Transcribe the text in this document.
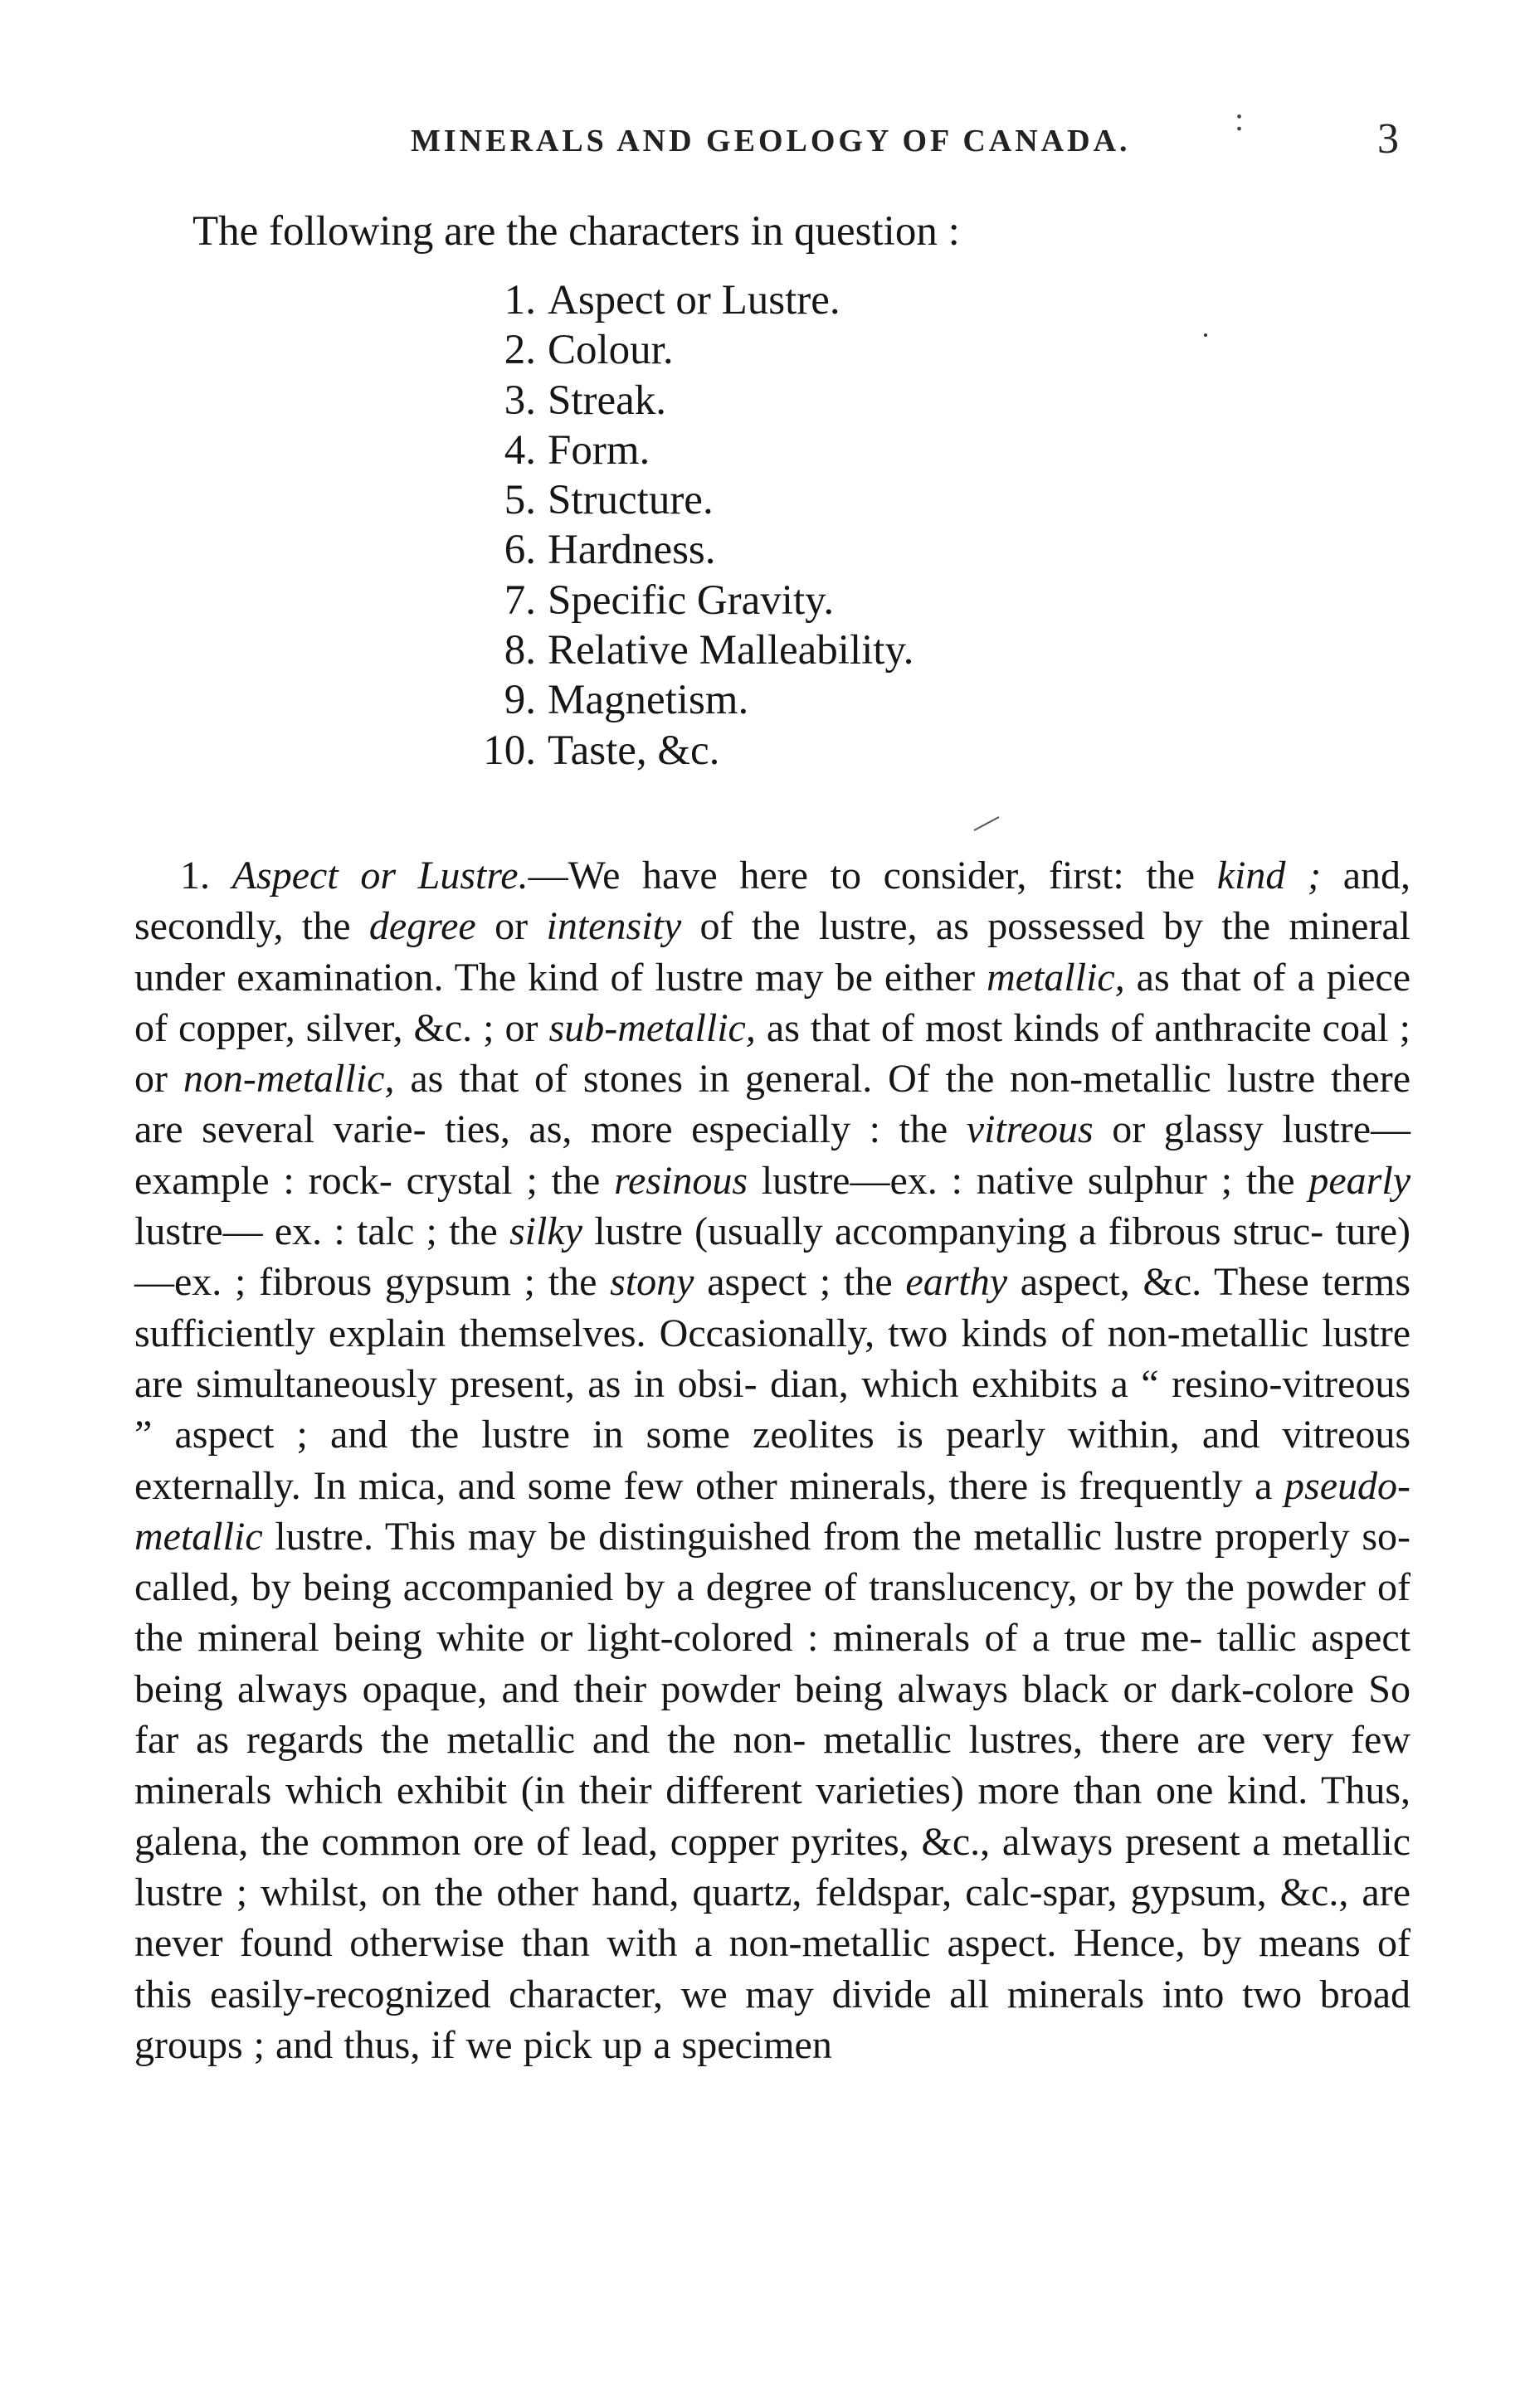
MINERALS AND GEOLOGY OF CANADA.	3
:
The following are the characters in question :
1. Aspect or Lustre.
2. Colour.
3. Streak.
4. Form.
5. Structure.
6. Hardness.
7. Specific Gravity.
8. Relative Malleability.
9. Magnetism.
10. Taste, &c.

1. Aspect or Lustre.—We have here to consider, first: the kind ; and, secondly, the degree or intensity of the lustre, as possessed by the mineral under examination. The kind of lustre may be either metallic, as that of a piece of copper, silver, &c. ; or sub-metallic, as that of most kinds of anthracite coal ; or non-metallic, as that of stones in general. Of the non-metallic lustre there are several varie- ties, as, more especially : the vitreous or glassy lustre—example : rock- crystal ; the resinous lustre—ex. : native sulphur ; the pearly lustre— ex. : talc ; the silky lustre (usually accompanying a fibrous struc- ture)—ex. ; fibrous gypsum ; the stony aspect ; the earthy aspect, &c. These terms sufficiently explain themselves. Occasionally, two kinds of non-metallic lustre are simultaneously present, as in obsi- dian, which exhibits a “ resino-vitreous ” aspect ; and the lustre in some zeolites is pearly within, and vitreous externally. In mica, and some few other minerals, there is frequently a pseudo-metallic lustre. This may be distinguished from the metallic lustre properly so-called, by being accompanied by a degree of translucency, or by the powder of the mineral being white or light-colored : minerals of a true me- tallic aspect being always opaque, and their powder being always black or dark-colore So far as regards the metallic and the non- metallic lustres, there are very few minerals which exhibit (in their different varieties) more than one kind. Thus, galena, the common ore of lead, copper pyrites, &c., always present a metallic lustre ; whilst, on the other hand, quartz, feldspar, calc-spar, gypsum, &c., are never found otherwise than with a non-metallic aspect. Hence, by means of this easily-recognized character, we may divide all minerals into two broad groups ; and thus, if we pick up a specimen
